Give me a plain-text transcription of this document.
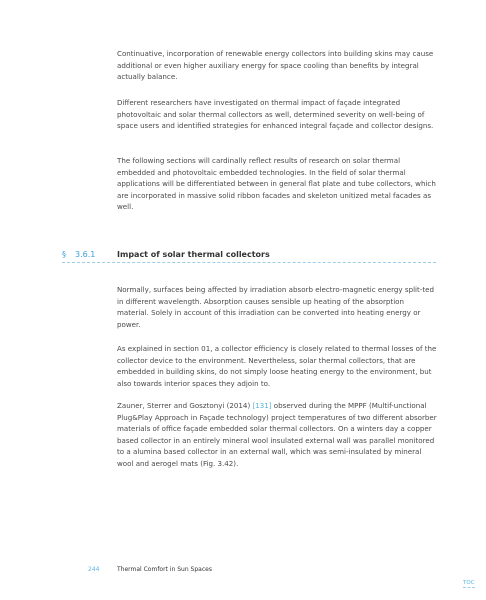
Continuative, incorporation of renewable energy collectors into building skins may cause additional or even higher auxiliary energy for space cooling than benefits by integral actually balance.

Different researchers have investigated on thermal impact of façade integrated photovoltaic and solar thermal collectors as well, determined severity on well-being of space users and identified strategies for enhanced integral façade and collector designs.

The following sections will cardinally reflect results of research on solar thermal embedded and photovoltaic embedded technologies. In the field of solar thermal applications will be differentiated between in general flat plate and tube collectors, which are incorporated in massive solid ribbon facades and skeleton unitized metal facades as well.

§ 3.6.1	Impact of solar thermal collectors

Normally, surfaces being affected by irradiation absorb electro-magnetic energy split-ted in different wavelength. Absorption causes sensible up heating of the absorption material. Solely in account of this irradiation can be converted into heating energy or power.

As explained in section 01, a collector efficiency is closely related to thermal losses of the collector device to the environment. Nevertheless, solar thermal collectors, that are embedded in building skins, do not simply loose heating energy to the environment, but also towards interior spaces they adjoin to.

Zauner, Sterrer and Gosztonyi (2014) [131] observed during the MPPF (Multif-unctional Plug&Play Approach in Façade technology) project temperatures of two different absorber materials of office façade embedded solar thermal collectors. On a winters day a copper based collector in an entirely mineral wool insulated external wall was parallel monitored to a alumina based collector in an external wall, which was semi-insulated by mineral wool and aerogel mats (Fig. 3.42).

244	Thermal Comfort in Sun Spaces
TOC
